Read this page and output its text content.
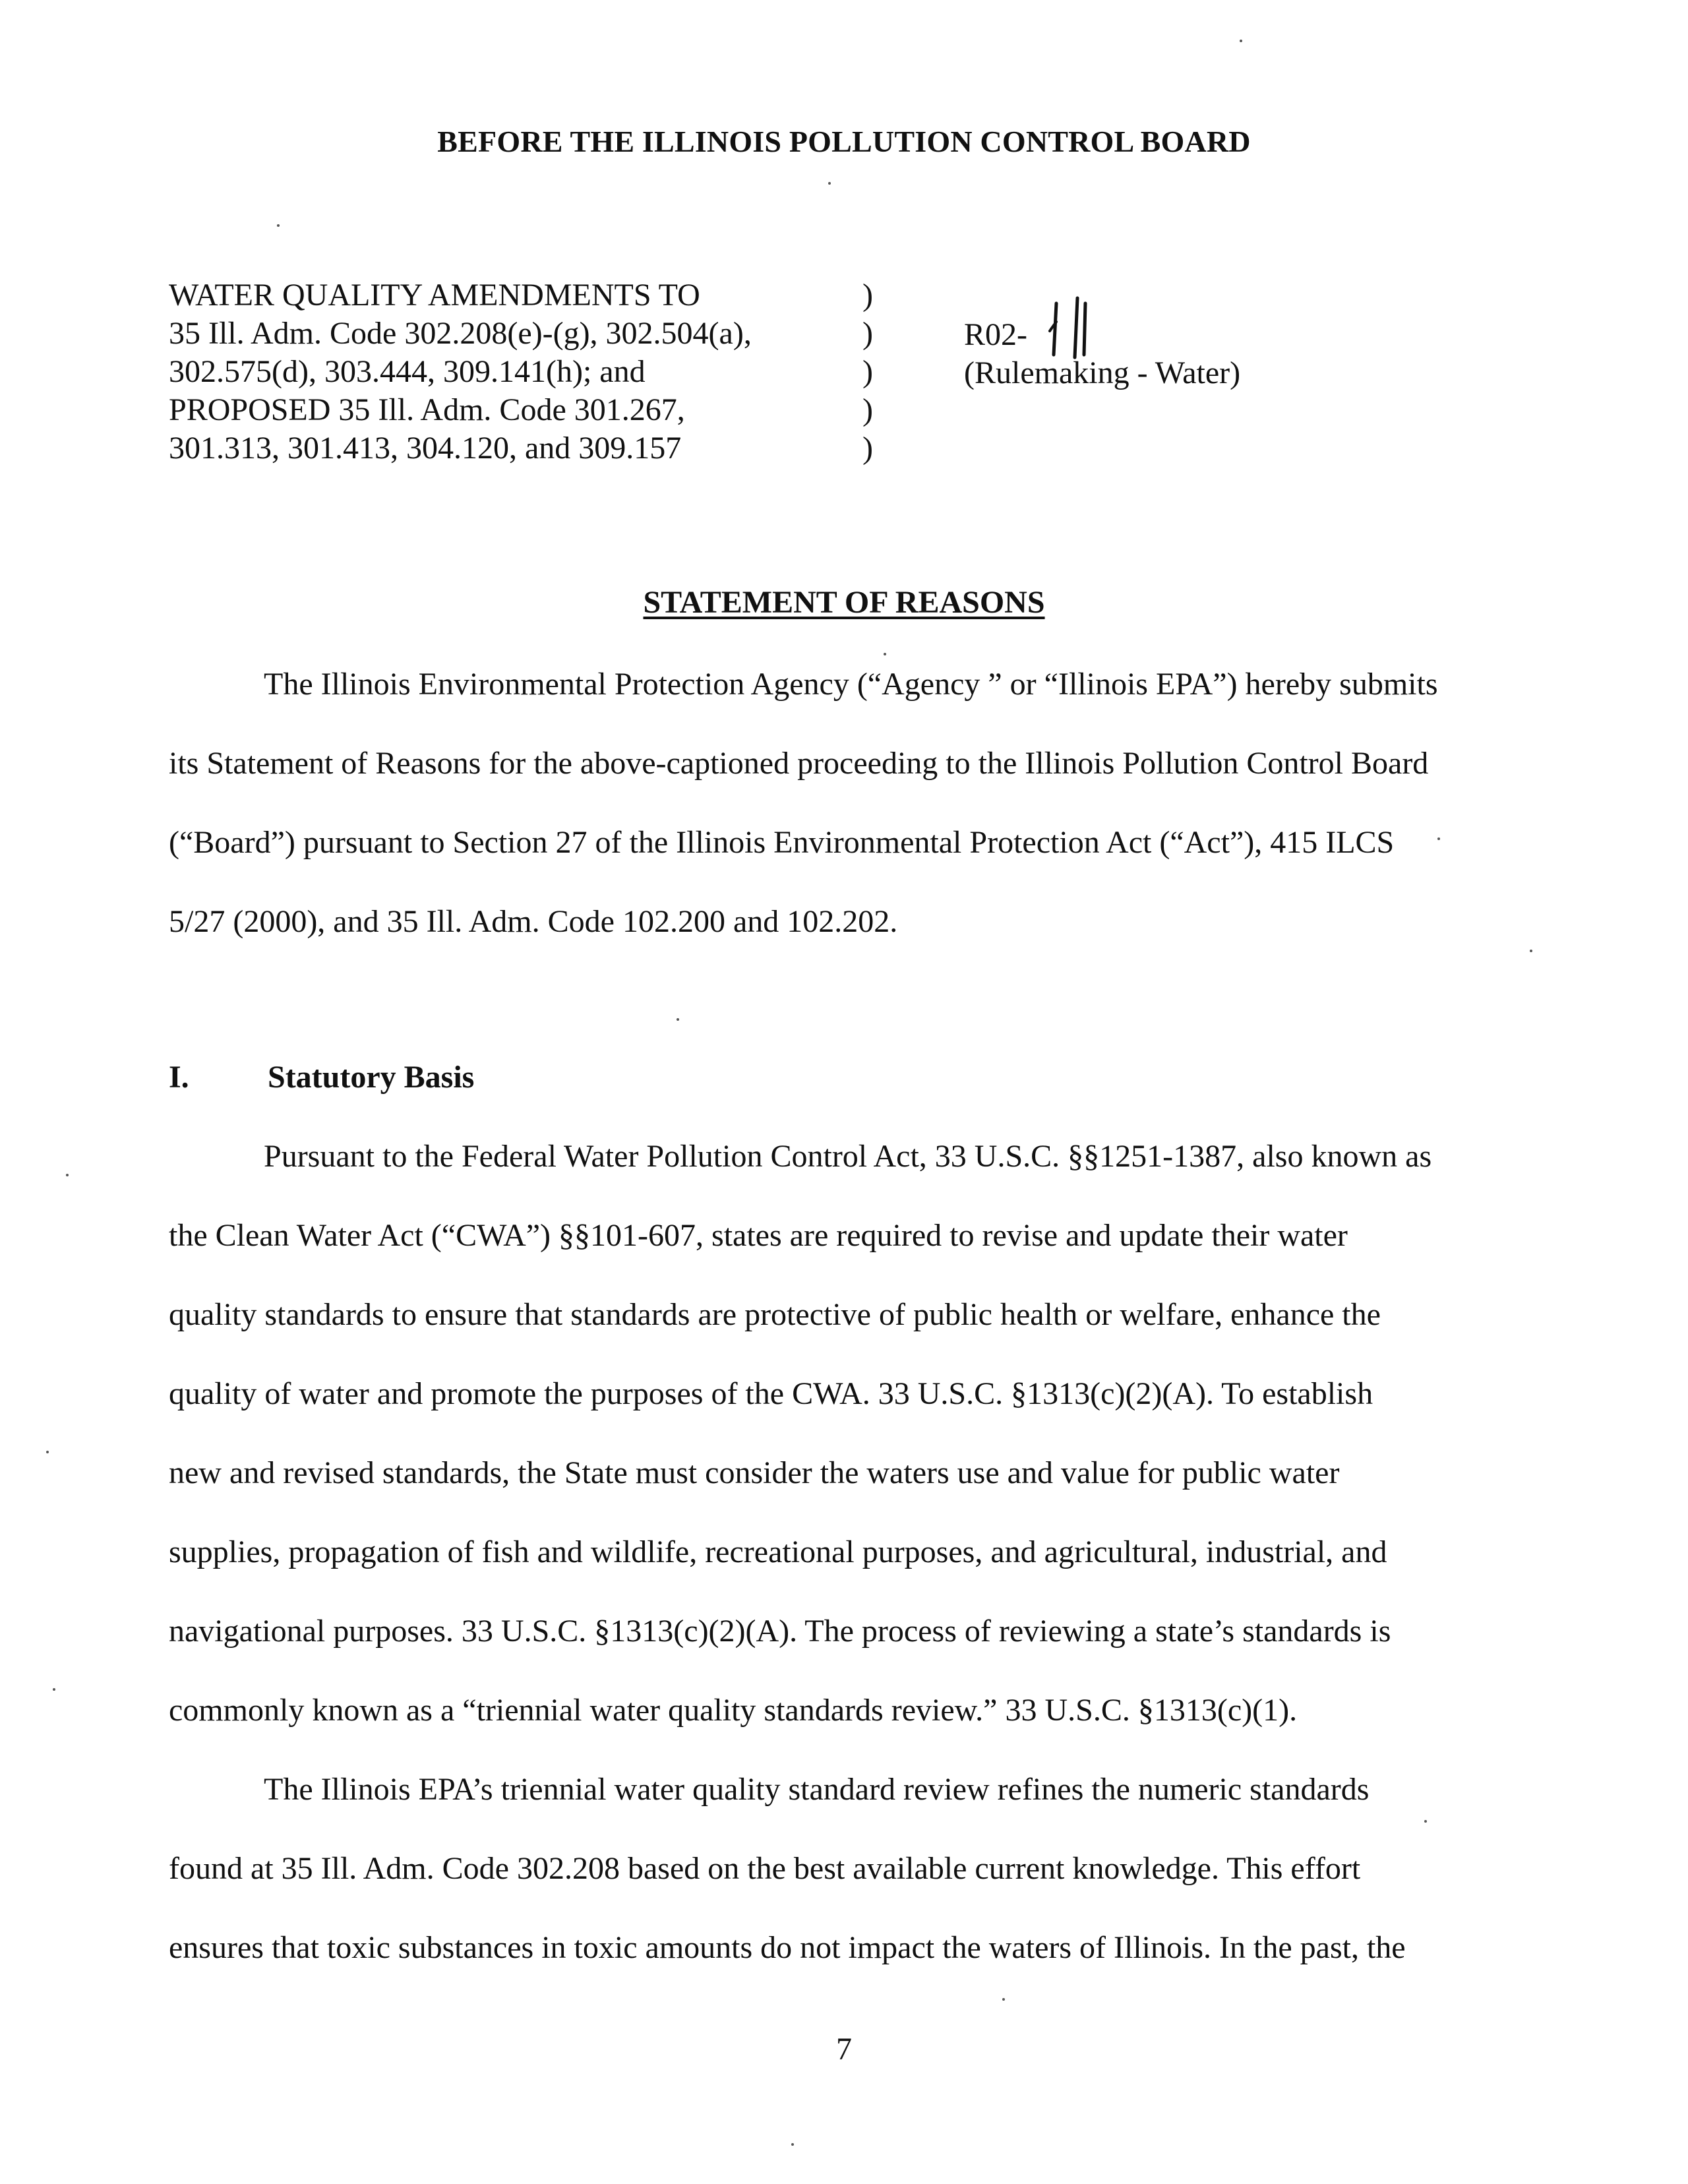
BEFORE THE ILLINOIS POLLUTION CONTROL BOARD
WATER QUALITY AMENDMENTS TO
35 Ill. Adm. Code 302.208(e)-(g), 302.504(a),
302.575(d), 303.444, 309.141(h); and
PROPOSED 35 Ill. Adm. Code 301.267,
301.313, 301.413, 304.120, and 309.157
)
)
)
)
)
R02-
(Rulemaking - Water)
STATEMENT OF REASONS
The Illinois Environmental Protection Agency (“Agency ” or “Illinois EPA”) hereby submits
its Statement of Reasons for the above-captioned proceeding to the Illinois Pollution Control Board
(“Board”) pursuant to Section 27 of the Illinois Environmental Protection Act (“Act”), 415 ILCS
5/27 (2000), and 35 Ill. Adm. Code 102.200 and 102.202.
I. Statutory Basis
Pursuant to the Federal Water Pollution Control Act, 33 U.S.C. §§1251-1387, also known as
the Clean Water Act (“CWA”) §§101-607, states are required to revise and update their water
quality standards to ensure that standards are protective of public health or welfare, enhance the
quality of water and promote the purposes of the CWA. 33 U.S.C. §1313(c)(2)(A). To establish
new and revised standards, the State must consider the waters use and value for public water
supplies, propagation of fish and wildlife, recreational purposes, and agricultural, industrial, and
navigational purposes. 33 U.S.C. §1313(c)(2)(A). The process of reviewing a state’s standards is
commonly known as a “triennial water quality standards review.” 33 U.S.C. §1313(c)(1).
The Illinois EPA’s triennial water quality standard review refines the numeric standards
found at 35 Ill. Adm. Code 302.208 based on the best available current knowledge. This effort
ensures that toxic substances in toxic amounts do not impact the waters of Illinois. In the past, the
7
